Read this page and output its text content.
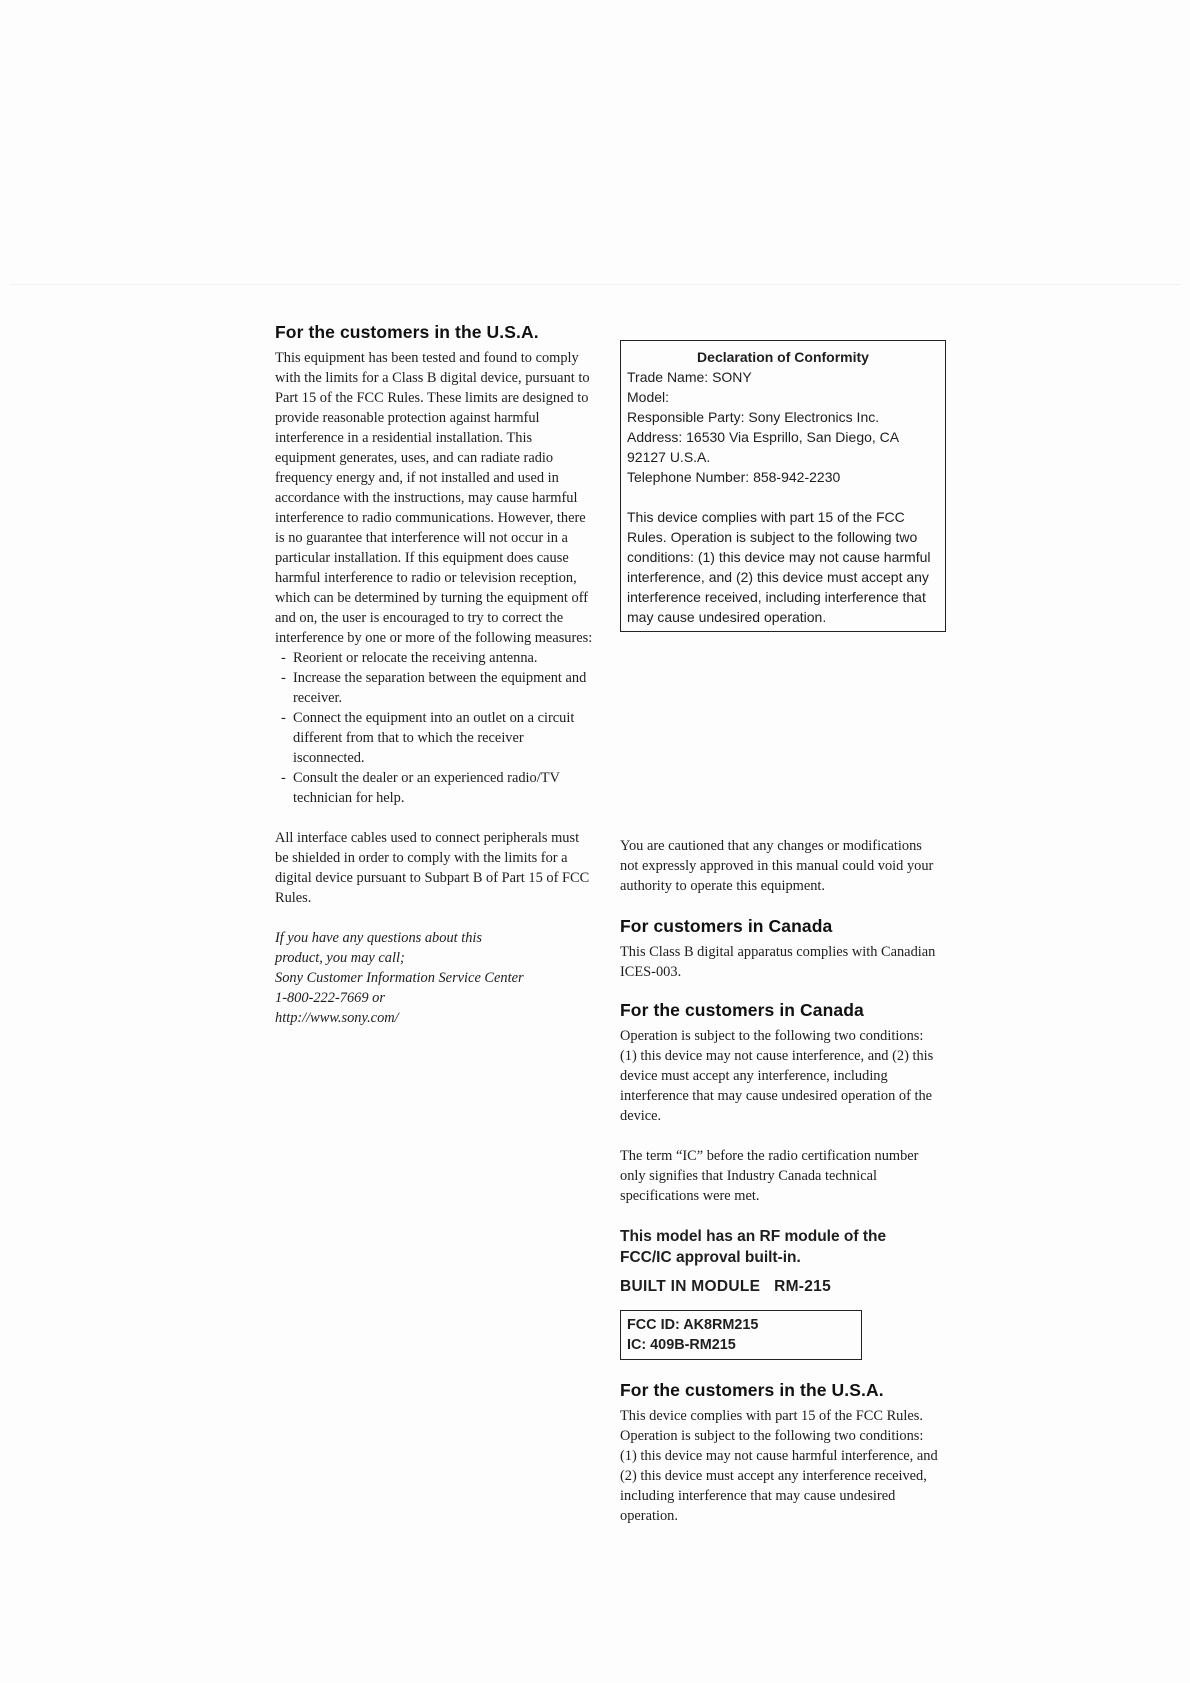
For the customers in the U.S.A.

This equipment has been tested and found to comply with the limits for a Class B digital device, pursuant to Part 15 of the FCC Rules. These limits are designed to provide reasonable protection against harmful interference in a residential installation. This equipment generates, uses, and can radiate radio frequency energy and, if not installed and used in accordance with the instructions, may cause harmful interference to radio communications. However, there is no guarantee that interference will not occur in a particular installation. If this equipment does cause harmful interference to radio or television reception, which can be determined by turning the equipment off and on, the user is encouraged to try to correct the interference by one or more of the following measures:

- Reorient or relocate the receiving antenna.
- Increase the separation between the equipment and receiver.
- Connect the equipment into an outlet on a circuit different from that to which the receiver isconnected.
- Consult the dealer or an experienced radio/TV technician for help.

All interface cables used to connect peripherals must be shielded in order to comply with the limits for a digital device pursuant to Subpart B of Part 15 of FCC Rules.

If you have any questions about this
product, you may call;
Sony Customer Information Service Center
1-800-222-7669 or
http://www.sony.com/
Declaration of Conformity
Trade Name: SONY
Model:
Responsible Party: Sony Electronics Inc.
Address: 16530 Via Esprillo, San Diego, CA 92127 U.S.A.
Telephone Number: 858-942-2230
This device complies with part 15 of the FCC Rules. Operation is subject to the following two conditions: (1) this device may not cause harmful interference, and (2) this device must accept any interference received, including interference that may cause undesired operation.

You are cautioned that any changes or modifications not expressly approved in this manual could void your authority to operate this equipment.

For customers in Canada

This Class B digital apparatus complies with Canadian ICES-003.

For the customers in Canada

Operation is subject to the following two conditions: (1) this device may not cause interference, and (2) this device must accept any interference, including interference that may cause undesired operation of the device.

The term “IC” before the radio certification number only signifies that Industry Canada technical specifications were met.

This model has an RF module of the FCC/IC approval built-in.
BUILT IN MODULE RM-215
FCC ID: AK8RM215
IC: 409B-RM215
For the customers in the U.S.A.

This device complies with part 15 of the FCC Rules. Operation is subject to the following two conditions: (1) this device may not cause harmful interference, and (2) this device must accept any interference received, including interference that may cause undesired operation.
